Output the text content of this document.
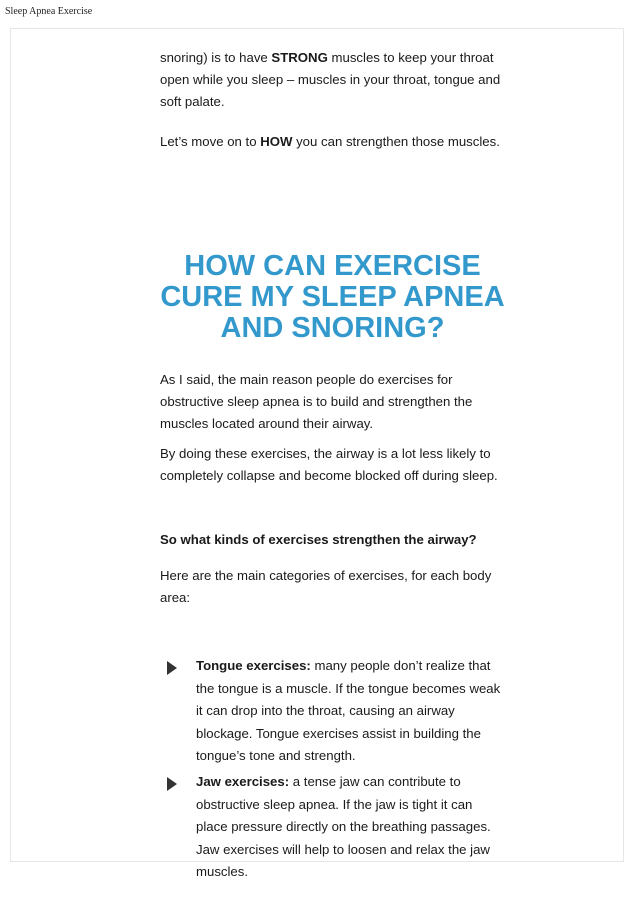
Sleep Apnea Exercise

snoring) is to have STRONG muscles to keep your throat open while you sleep – muscles in your throat, tongue and soft palate.

Let’s move on to HOW you can strengthen those muscles.

HOW CAN EXERCISE CURE MY SLEEP APNEA AND SNORING?

As I said, the main reason people do exercises for obstructive sleep apnea is to build and strengthen the muscles located around their airway.

By doing these exercises, the airway is a lot less likely to completely collapse and become blocked off during sleep.

So what kinds of exercises strengthen the airway?

Here are the main categories of exercises, for each body area:

Tongue exercises: many people don’t realize that the tongue is a muscle. If the tongue becomes weak it can drop into the throat, causing an airway blockage. Tongue exercises assist in building the tongue’s tone and strength.
Jaw exercises: a tense jaw can contribute to obstructive sleep apnea. If the jaw is tight it can place pressure directly on the breathing passages. Jaw exercises will help to loosen and relax the jaw muscles.
